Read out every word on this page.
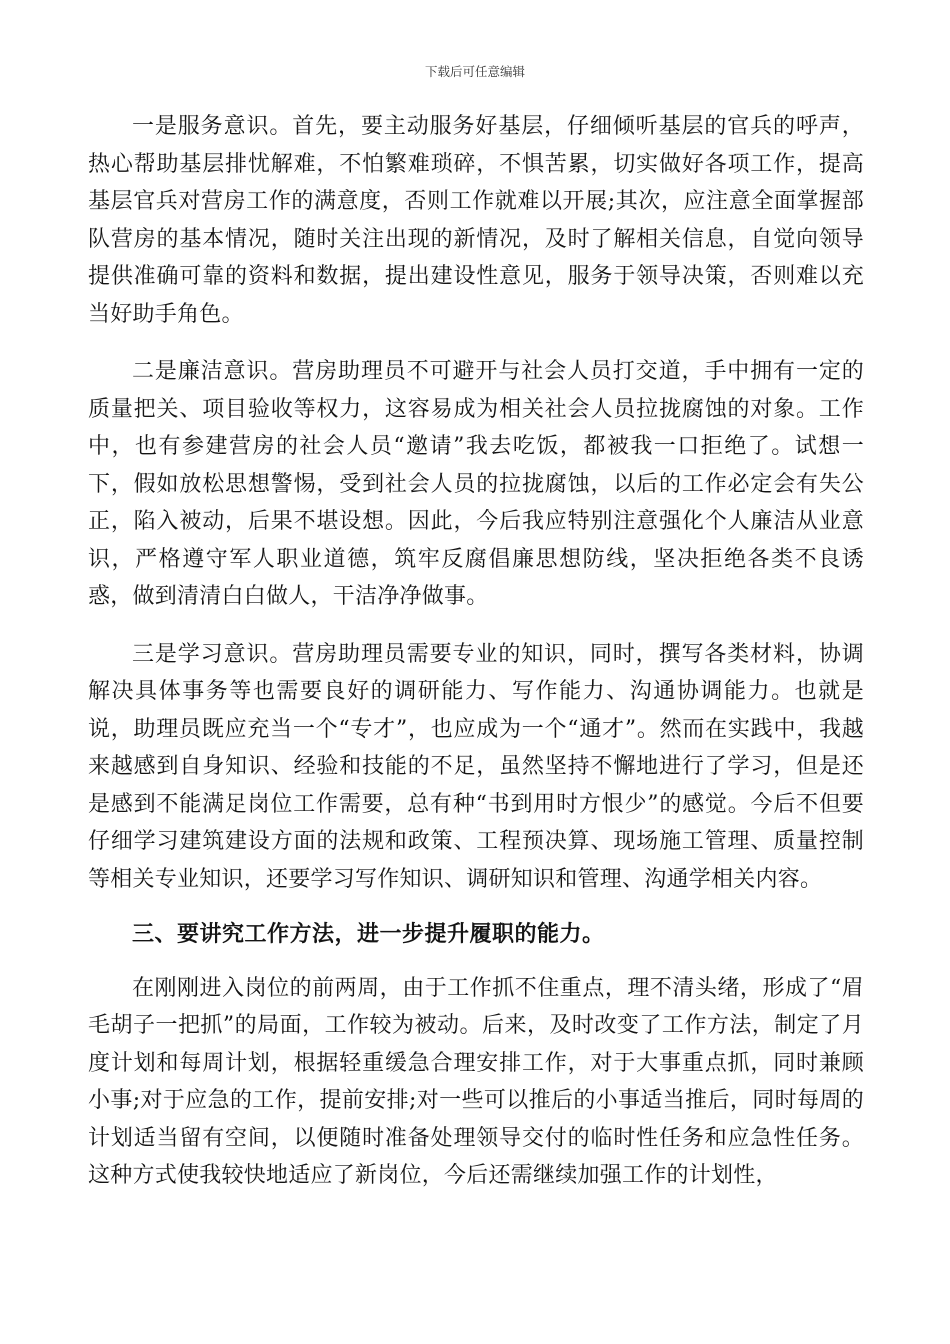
下载后可任意编辑

一是服务意识。首先，要主动服务好基层，仔细倾听基层的官兵的呼声，热心帮助基层排忧解难，不怕繁难琐碎，不惧苦累，切实做好各项工作，提高基层官兵对营房工作的满意度，否则工作就难以开展;其次，应注意全面掌握部队营房的基本情况，随时关注出现的新情况，及时了解相关信息，自觉向领导提供准确可靠的资料和数据，提出建设性意见，服务于领导决策，否则难以充当好助手角色。

二是廉洁意识。营房助理员不可避开与社会人员打交道，手中拥有一定的质量把关、项目验收等权力，这容易成为相关社会人员拉拢腐蚀的对象。工作中，也有参建营房的社会人员“邀请”我去吃饭，都被我一口拒绝了。试想一下，假如放松思想警惕，受到社会人员的拉拢腐蚀，以后的工作必定会有失公正，陷入被动，后果不堪设想。因此，今后我应特别注意强化个人廉洁从业意识，严格遵守军人职业道德，筑牢反腐倡廉思想防线，坚决拒绝各类不良诱惑，做到清清白白做人，干洁净净做事。

三是学习意识。营房助理员需要专业的知识，同时，撰写各类材料，协调解决具体事务等也需要良好的调研能力、写作能力、沟通协调能力。也就是说，助理员既应充当一个“专才”，也应成为一个“通才”。然而在实践中，我越来越感到自身知识、经验和技能的不足，虽然坚持不懈地进行了学习，但是还是感到不能满足岗位工作需要，总有种“书到用时方恨少”的感觉。今后不但要仔细学习建筑建设方面的法规和政策、工程预决算、现场施工管理、质量控制等相关专业知识，还要学习写作知识、调研知识和管理、沟通学相关内容。

三、要讲究工作方法，进一步提升履职的能力。

在刚刚进入岗位的前两周，由于工作抓不住重点，理不清头绪，形成了“眉毛胡子一把抓”的局面，工作较为被动。后来，及时改变了工作方法，制定了月度计划和每周计划，根据轻重缓急合理安排工作，对于大事重点抓，同时兼顾小事;对于应急的工作，提前安排;对一些可以推后的小事适当推后，同时每周的计划适当留有空间，以便随时准备处理领导交付的临时性任务和应急性任务。这种方式使我较快地适应了新岗位，今后还需继续加强工作的计划性，
